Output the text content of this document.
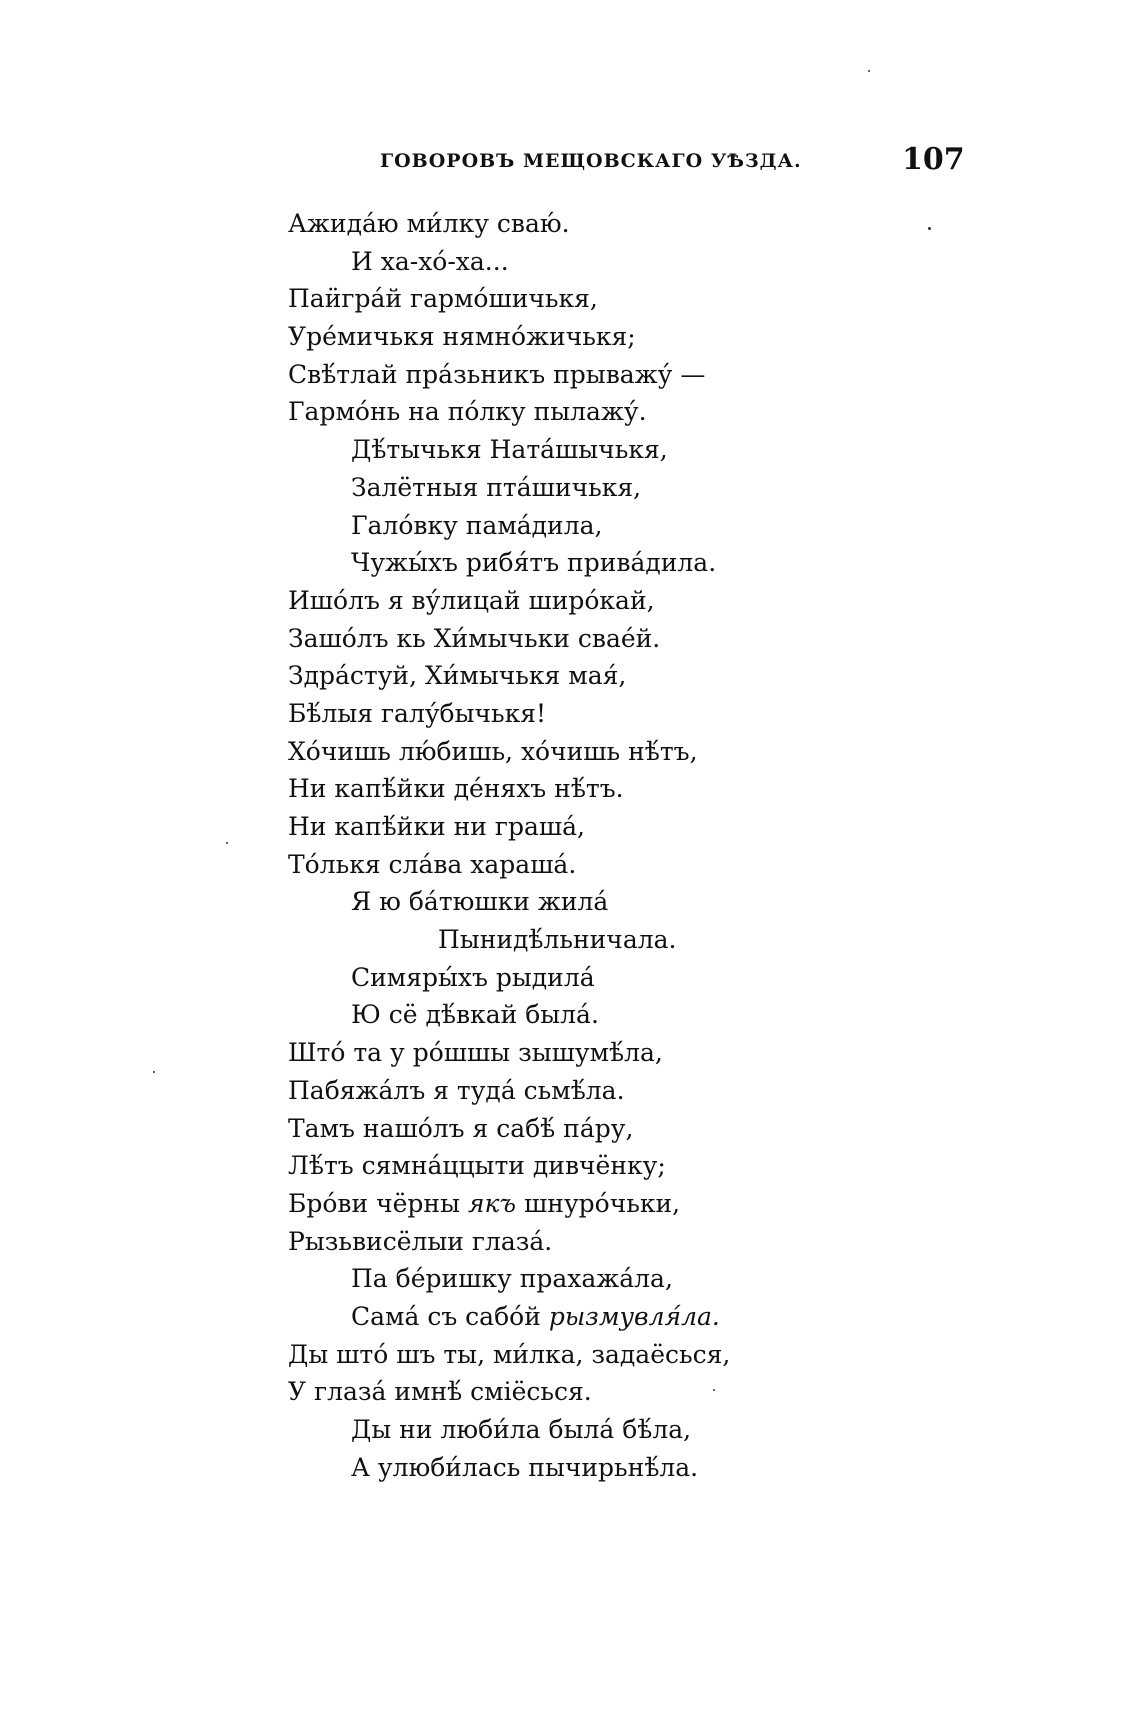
ГОВОРОВЪ МЕЩОВСКАГО УѢЗДА.	107
Ажида́ю ми́лку сваю́.
И ха-хо́-ха...
Паӥгра́й гармо́шичькя,
Уре́мичькя нямно́жичькя;
Свѣ́тлай пра́зьникъ прыважу́ —
Гармо́нь на по́лку пылажу́.
Дѣ́тычькя Ната́шычькя,
Залётныя пта́шичькя,
Гало́вку пама́дила,
Чужы́хъ рибя́тъ прива́дила.
Ишо́лъ я ву́лицай широ́кай,
Зашо́лъ кь Хи́мычьки сваéй.
Здра́стуй, Хи́мычькя мая́,
Бѣ́лыя галу́бычькя!
Хо́чишь лю́бишь, хо́чишь нѣ́тъ,
Ни капѣ́йки дéняхъ нѣ́тъ.
Ни капѣ́йки ни граша́,
То́лькя сла́ва хараша́.
Я ю ба́тюшки жила́
Пынидѣ́льничала.
Симяры́хъ рыдила́
Ю сё дѣ́вкай была́.
Што́ та у ро́шшы зышумѣ́ла,
Пабяжа́лъ я туда́ сьмѣ́ла.
Тамъ нашо́лъ я сабѣ́ па́ру,
Лѣ́тъ сямна́ццыти дивчёнку;
Бро́ви чёрны якъ шнуро́чьки,
Рызьвисёлыи глаза́.
Па бе́ришку прахажа́ла,
Сама́ съ сабо́й рызмувля́ла.
Ды што́ шъ ты, ми́лка, задаёсься,
У глаза́ имнѣ́ сміёсься.
Ды ни люби́ла была́ бѣ́ла,
А улюби́лась пычирьнѣ́ла.
